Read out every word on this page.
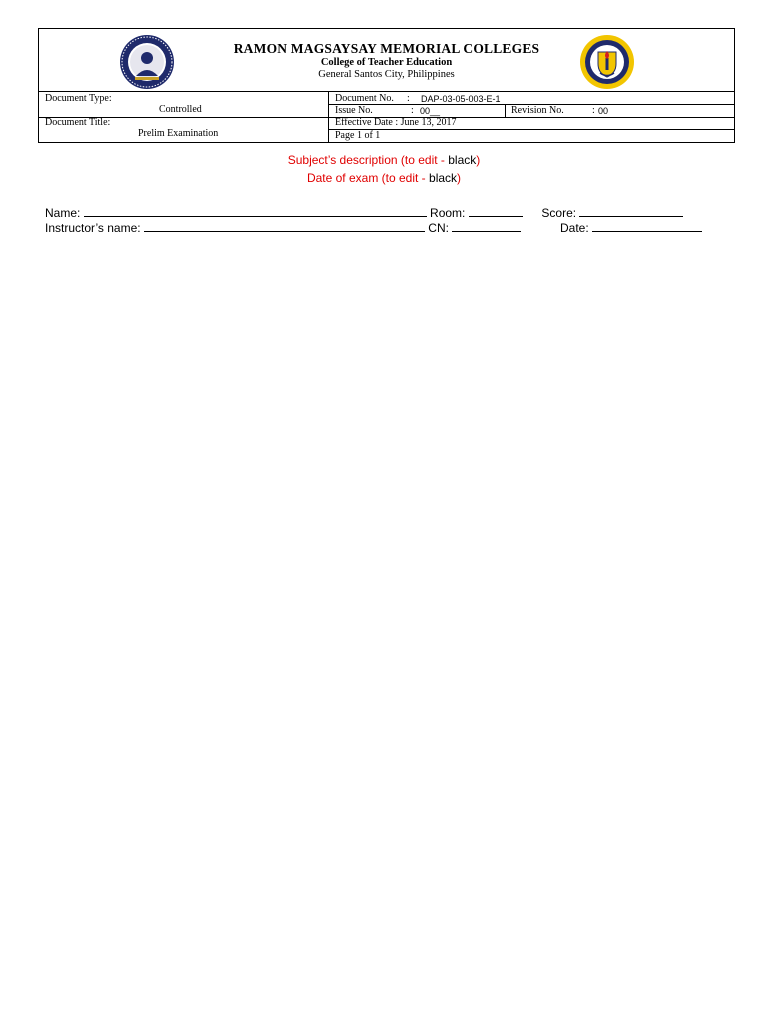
RAMON MAGSAYSAY MEMORIAL COLLEGES
College of Teacher Education
General Santos City, Philippines
Document Type:
Controlled
Document Title:
Prelim Examination
Document No. : DAP-03-05-003-E-1
Issue No.	: 00__	Revision No.	: 00
Effective Date : June 13, 2017
Page 1 of 1
Subject’s description (to edit - black)
Date of exam (to edit - black)
Name:	Room:	Score:
Instructor’s name:	CN:	Date:
